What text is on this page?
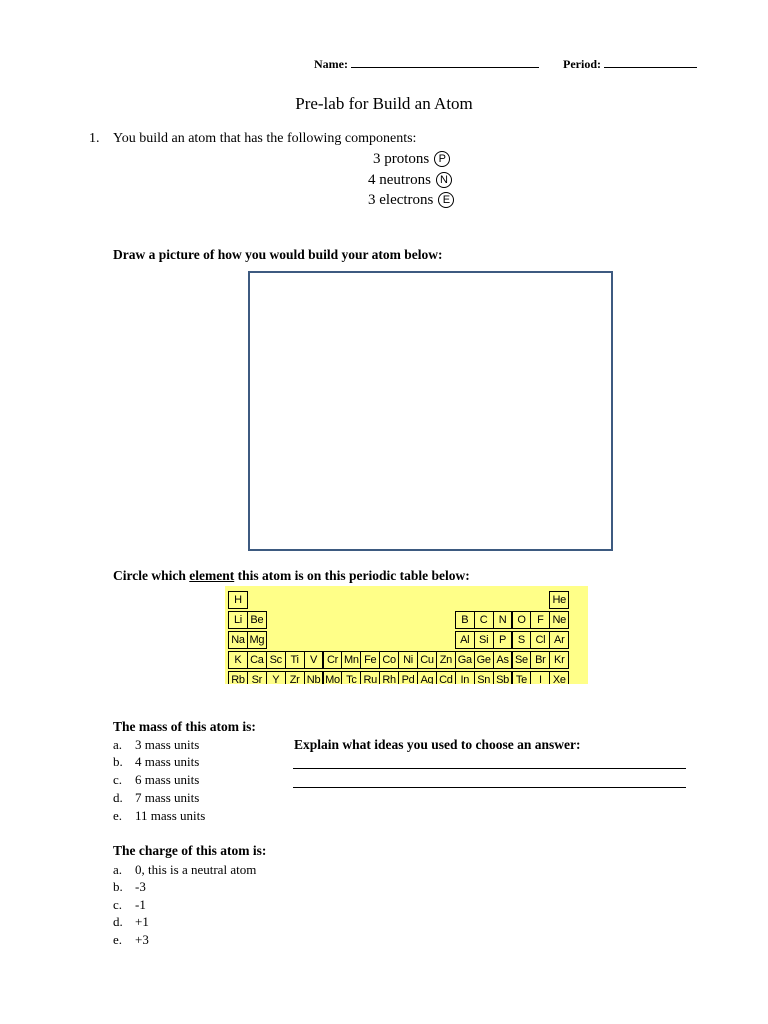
Name:	Period:
Pre-lab for Build an Atom
1. You build an atom that has the following components:
3 protons P
4 neutrons N
3 electrons E
Draw a picture of how you would build your atom below:
Circle which element this atom is on this periodic table below:
H	He
Li Be	B	C	N O	F Ne
Na Mg	Al Si P	S Cl Ar
K Ca Sc Ti	V Cr Mn Fe Co Ni Cu Zn Ga Ge As Se Br Kr
Rb Sr Y Zr Nb Mo Tc Ru Rh Pd Ag Cd In Sn Sb Te	I	Xe
The mass of this atom is:
a. 3 mass units
b. 4 mass units
c. 6 mass units
d. 7 mass units
e. 11 mass units
Explain what ideas you used to choose an answer:
The charge of this atom is:
a. 0, this is a neutral atom
b. -3
c. -1
d. +1
e. +3
